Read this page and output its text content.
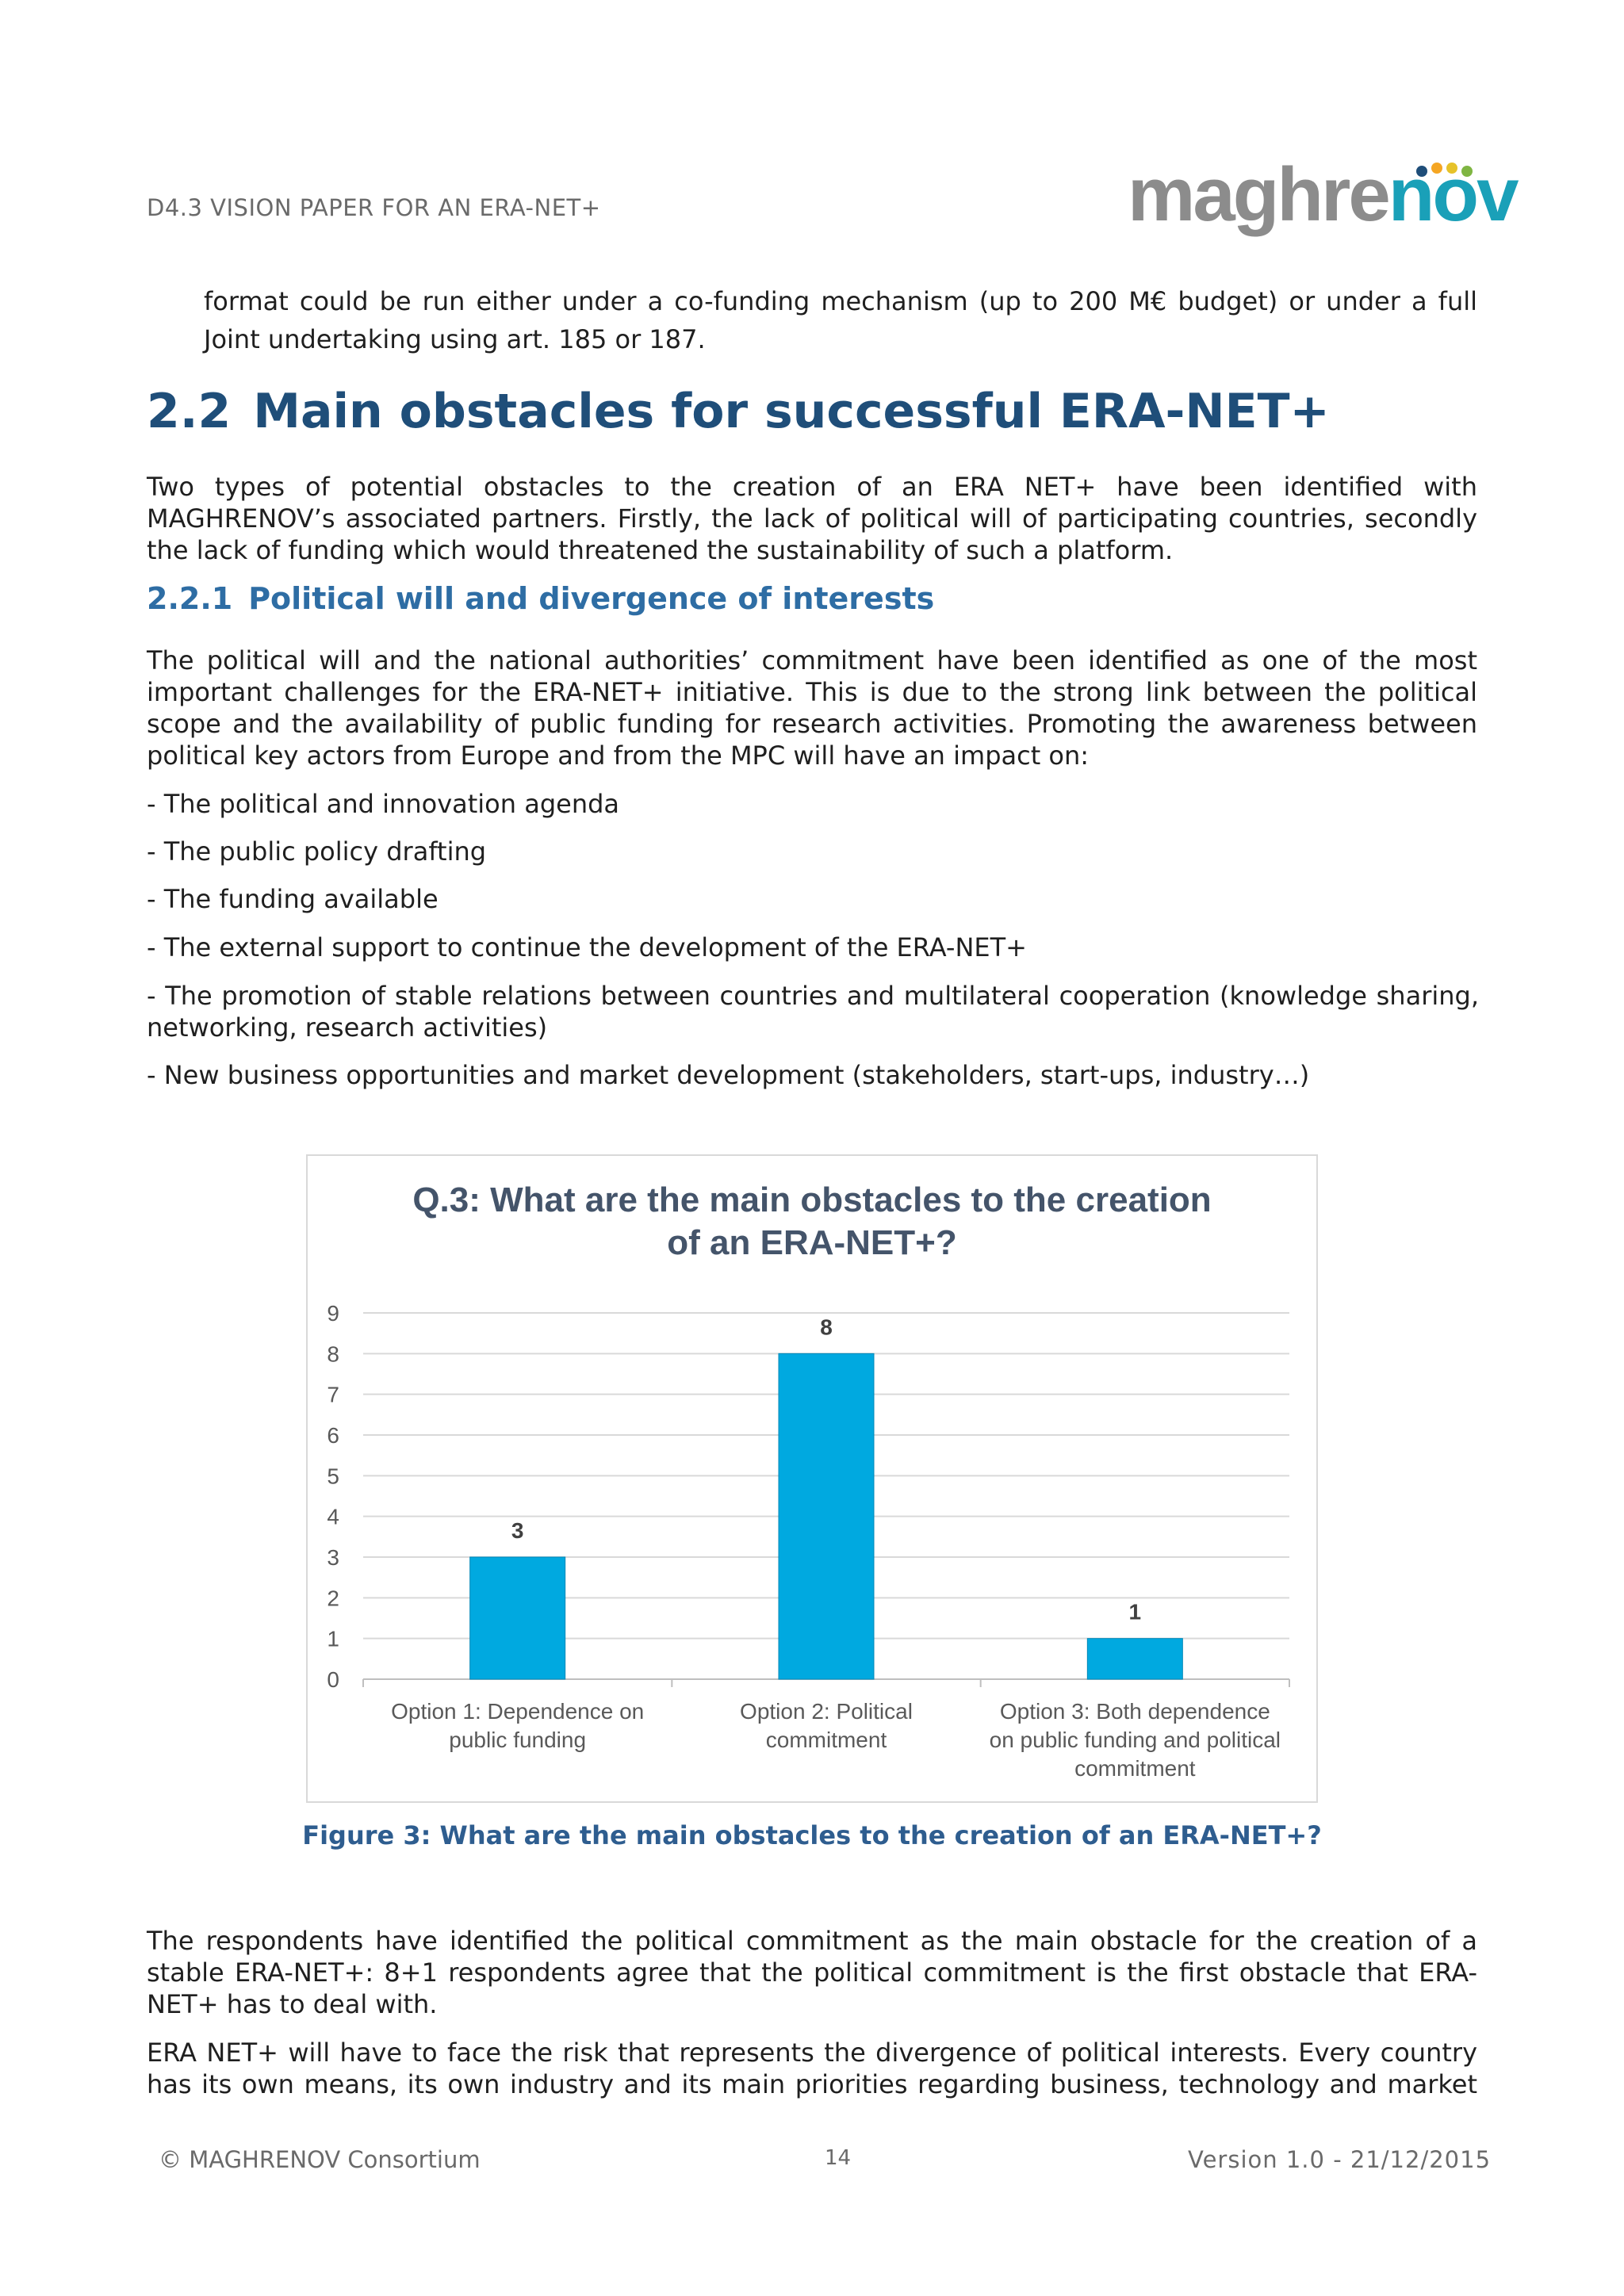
D4.3 VISION PAPER FOR AN ERA-NET+	maghrenov
format could be run either under a co-funding mechanism (up to 200 M€ budget) or under a full Joint undertaking using art. 185 or 187.
2.2 Main obstacles for successful ERA-NET+
Two types of potential obstacles to the creation of an ERA NET+ have been identified with MAGHRENOV’s associated partners. Firstly, the lack of political will of participating countries, secondly the lack of funding which would threatened the sustainability of such a platform.
2.2.1 Political will and divergence of interests
The political will and the national authorities’ commitment have been identified as one of the most important challenges for the ERA-NET+ initiative. This is due to the strong link between the political scope and the availability of public funding for research activities. Promoting the awareness between political key actors from Europe and from the MPC will have an impact on:
- The political and innovation agenda
- The public policy drafting
- The funding available
- The external support to continue the development of the ERA-NET+
- The promotion of stable relations between countries and multilateral cooperation (knowledge sharing, networking, research activities)
- New business opportunities and market development (stakeholders, start-ups, industry…)
Q.3: What are the main obstacles to the creation
of an ERA-NET+?
0
1
2
3
4
5
6
7
8
9
3
8
1
Option 1: Dependence on
public funding
Option 2: Political
commitment
Option 3: Both dependence
on public funding and political
commitment
Figure 3: What are the main obstacles to the creation of an ERA-NET+?
The respondents have identified the political commitment as the main obstacle for the creation of a stable ERA-NET+: 8+1 respondents agree that the political commitment is the first obstacle that ERA-NET+ has to deal with.
ERA NET+ will have to face the risk that represents the divergence of political interests. Every country has its own means, its own industry and its main priorities regarding business, technology and market
© MAGHRENOV Consortium	14	Version 1.0 - 21/12/2015
